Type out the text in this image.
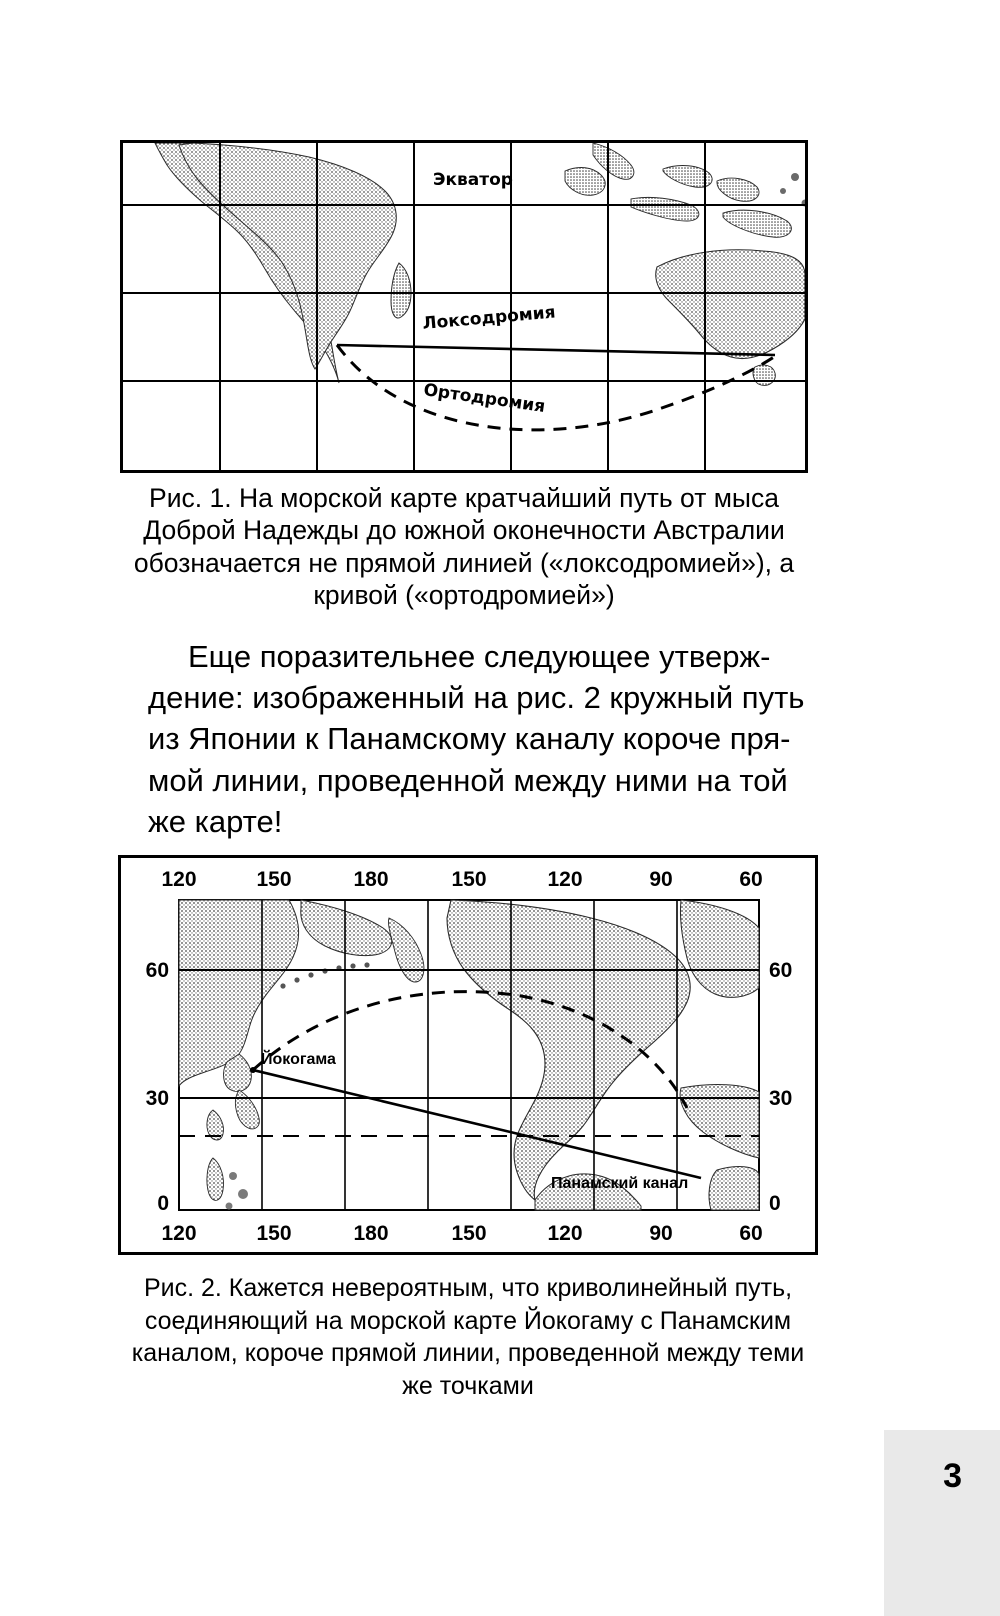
Экватор
Локсодромия
Ортодромия
Рис. 1. На морской карте кратчайший путь от мыса Доброй Надежды до южной оконечности Австралии обозначается не прямой линией («локсодромией»), а кривой («ортодромией»)
Еще поразительнее следующее утверж-
дение: изображенный на рис. 2 кружный путь
из Японии к Панамскому каналу короче пря-
мой линии, проведенной между ними на той
же карте!
Йокогама
Панамский канал
120	150	180	150	120	90	60
120	150	180	150	120	90	60
60
30
0
60
30
0
Рис. 2. Кажется невероятным, что криволинейный путь, соединяющий на морской карте Йокогаму с Панамским каналом, короче прямой линии, проведенной между теми же точками
3
